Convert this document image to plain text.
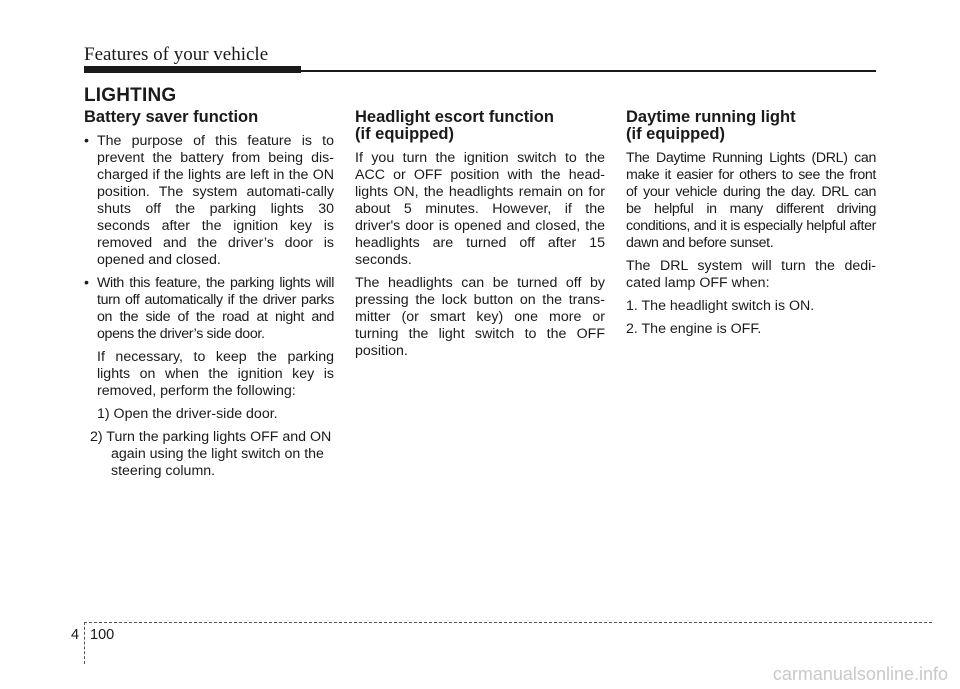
Features of your vehicle
LIGHTING
Battery saver function

• The purpose of this feature is to prevent the battery from being dis-charged if the lights are left in the ON position. The system automati-cally shuts off the parking lights 30 seconds after the ignition key is removed and the driver’s door is opened and closed.

• With this feature, the parking lights will turn off automatically if the driver parks on the side of the road at night and opens the driver’s side door.

If necessary, to keep the parking lights on when the ignition key is removed, perform the following:

1) Open the driver-side door.

2) Turn the parking lights OFF and ON again using the light switch on the steering column.

Headlight escort function
(if equipped)

If you turn the ignition switch to the ACC or OFF position with the head-lights ON, the headlights remain on for about 5 minutes. However, if the driver's door is opened and closed, the headlights are turned off after 15 seconds.

The headlights can be turned off by pressing the lock button on the trans-mitter (or smart key) one more or turning the light switch to the OFF position.

Daytime running light
(if equipped)

The Daytime Running Lights (DRL) can make it easier for others to see the front of your vehicle during the day. DRL can be helpful in many different driving conditions, and it is especially helpful after dawn and before sunset.

The DRL system will turn the dedi-cated lamp OFF when:

1. The headlight switch is ON.

2. The engine is OFF.

4 100
carmanualsonline.info
